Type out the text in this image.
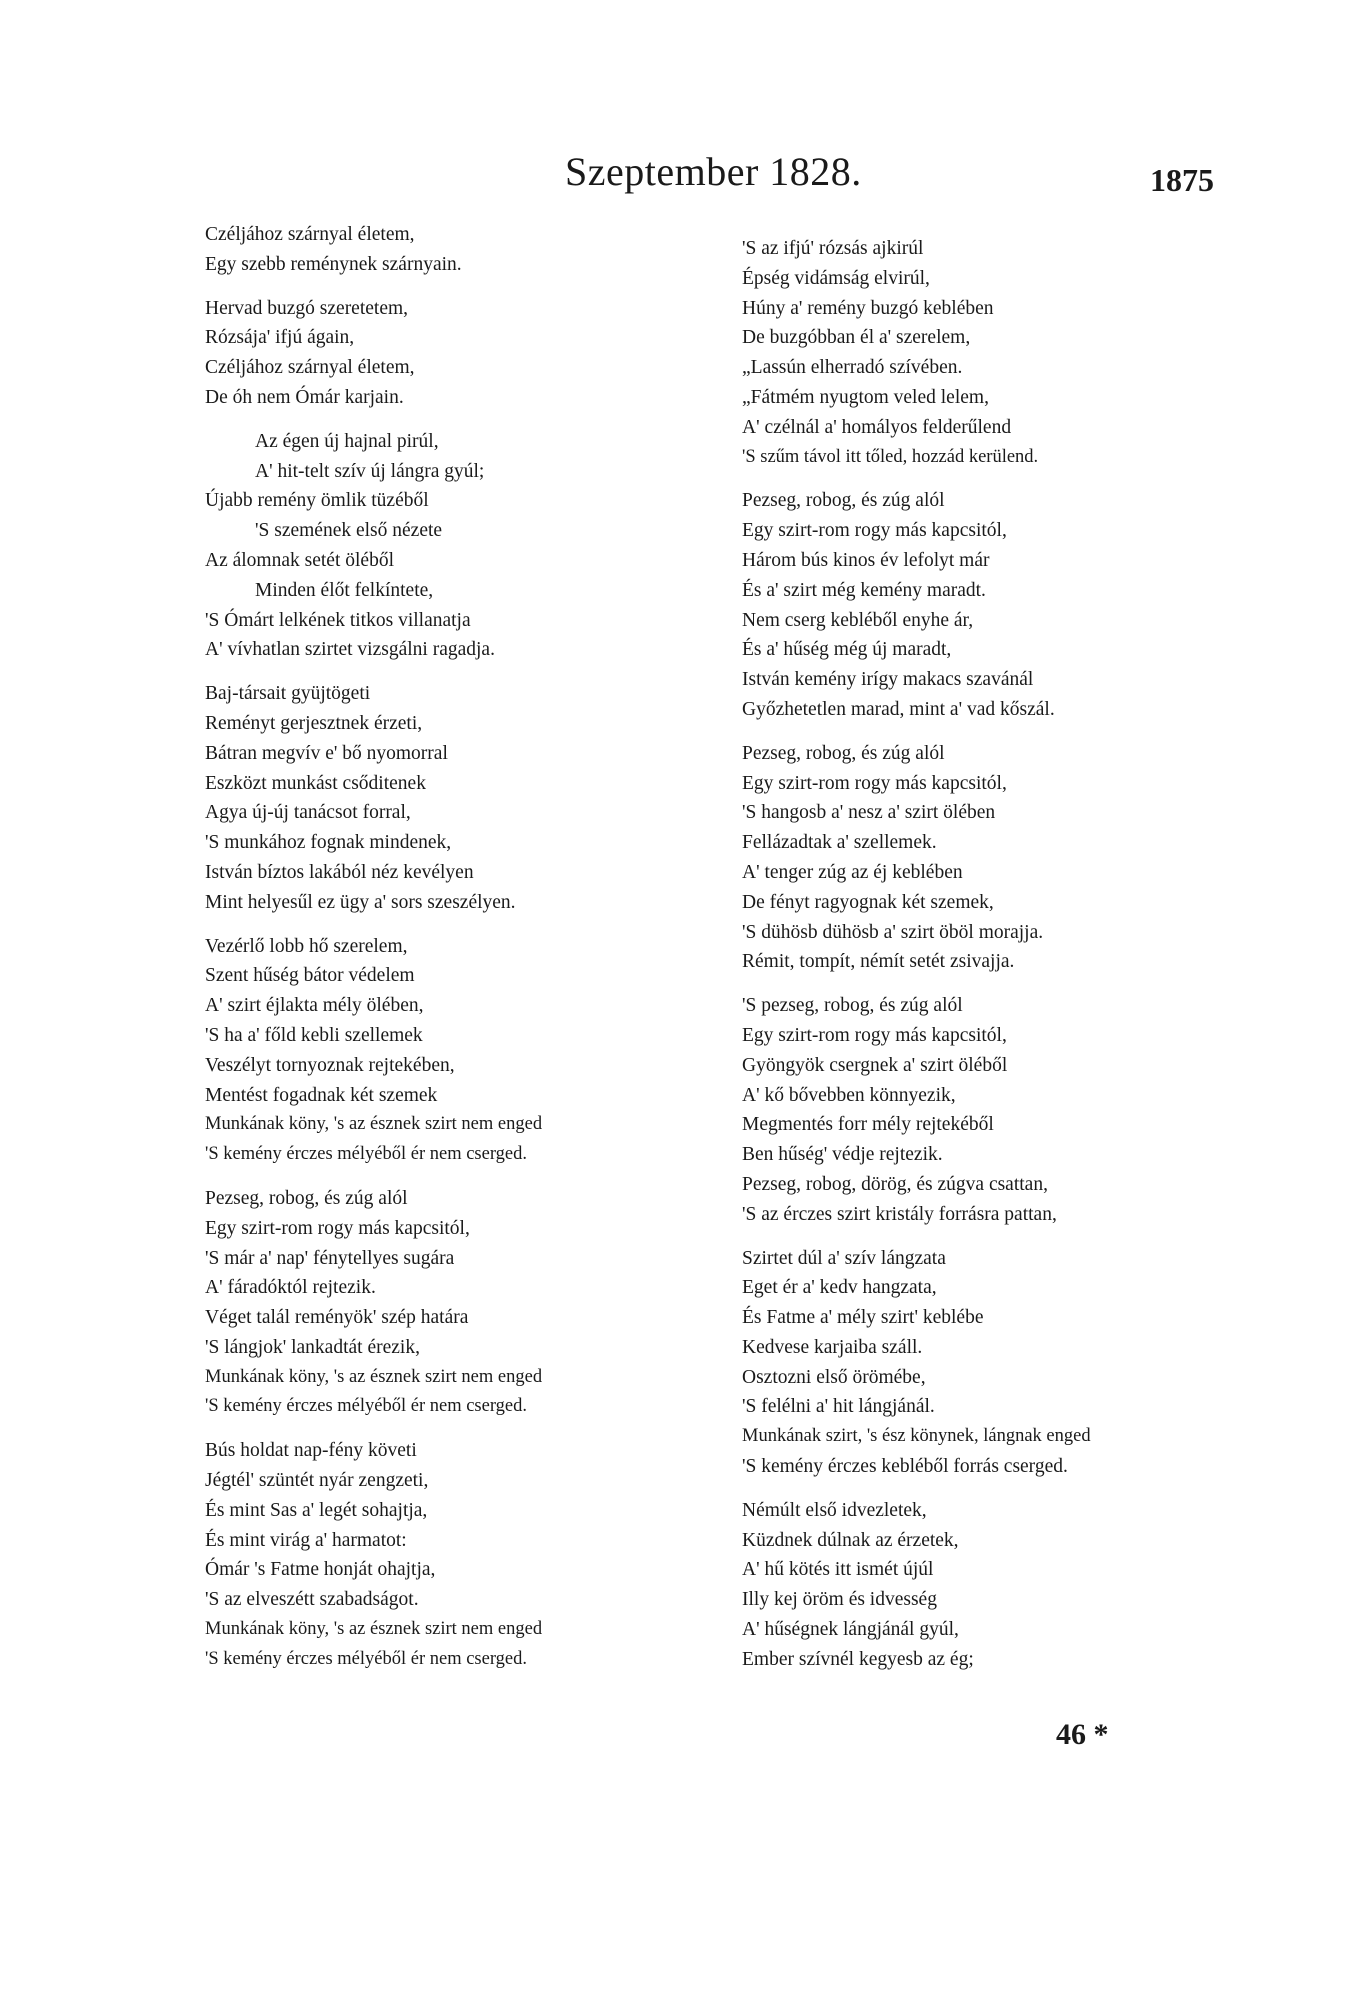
Szeptember 1828.	1875
Czéljához szárnyal életem,
Egy szebb reménynek szárnyain.
Hervad buzgó szeretetem,
Rózsája' ifjú ágain,
Czéljához szárnyal életem,
De óh nem Ómár karjain.
Az égen új hajnal pirúl,
A' hit-telt szív új lángra gyúl;
Újabb remény ömlik tüzéből
'S szemének első nézete
Az álomnak setét öléből
Minden élőt felkíntete,
'S Ómárt lelkének titkos villanatja
A' vívhatlan szirtet vizsgálni ragadja.
Baj-társait gyüjtögeti
Reményt gerjesztnek érzeti,
Bátran megvív e' bő nyomorral
Eszközt munkást csőditenek
Agya új-új tanácsot forral,
'S munkához fognak mindenek,
István bíztos lakából néz kevélyen
Mint helyesűl ez ügy a' sors szeszélyen.
Vezérlő lobb hő szerelem,
Szent hűség bátor védelem
A' szirt éjlakta mély ölében,
'S ha a' főld kebli szellemek
Veszélyt tornyoznak rejtekében,
Mentést fogadnak két szemek
Munkának köny, 's az észnek szirt nem enged
'S kemény érczes mélyéből ér nem cserged.
Pezseg, robog, és zúg alól
Egy szirt-rom rogy más kapcsitól,
'S már a' nap' fénytellyes sugára
A' fáradóktól rejtezik.
Véget talál reményök' szép határa
'S lángjok' lankadtát érezik,
Munkának köny, 's az észnek szirt nem enged
'S kemény érczes mélyéből ér nem cserged.
Bús holdat nap-fény követi
Jégtél' szüntét nyár zengzeti,
És mint Sas a' legét sohajtja,
És mint virág a' harmatot:
Ómár 's Fatme honját ohajtja,
'S az elveszétt szabadságot.
Munkának köny, 's az észnek szirt nem enged
'S kemény érczes mélyéből ér nem cserged.
'S az ifjú' rózsás ajkirúl
Épség vidámság elvirúl,
Húny a' remény buzgó keblében
De buzgóbban él a' szerelem,
„Lassún elherradó szívében.
„Fátmém nyugtom veled lelem,
A' czélnál a' homályos felderűlend
'S szűm távol itt tőled, hozzád kerülend.
Pezseg, robog, és zúg alól
Egy szirt-rom rogy más kapcsitól,
Három bús kinos év lefolyt már
És a' szirt még kemény maradt.
Nem cserg kebléből enyhe ár,
És a' hűség még új maradt,
István kemény irígy makacs szavánál
Győzhetetlen marad, mint a' vad kőszál.
Pezseg, robog, és zúg alól
Egy szirt-rom rogy más kapcsitól,
'S hangosb a' nesz a' szirt ölében
Fellázadtak a' szellemek.
A' tenger zúg az éj keblében
De fényt ragyognak két szemek,
'S dühösb dühösb a' szirt öböl morajja.
Rémit, tompít, némít setét zsivajja.
'S pezseg, robog, és zúg alól
Egy szirt-rom rogy más kapcsitól,
Gyöngyök csergnek a' szirt öléből
A' kő bővebben könnyezik,
Megmentés forr mély rejtekéből
Ben hűség' védje rejtezik.
Pezseg, robog, dörög, és zúgva csattan,
'S az érczes szirt kristály forrásra pattan,
Szirtet dúl a' szív lángzata
Eget ér a' kedv hangzata,
És Fatme a' mély szirt' keblébe
Kedvese karjaiba száll.
Osztozni első örömébe,
'S felélni a' hit lángjánál.
Munkának szirt, 's ész könynek, lángnak enged
'S kemény érczes kebléből forrás cserged.
Némúlt első idvezletek,
Küzdnek dúlnak az érzetek,
A' hű kötés itt ismét újúl
Illy kej öröm és idvesség
A' hűségnek lángjánál gyúl,
Ember szívnél kegyesb az ég;
46 *
